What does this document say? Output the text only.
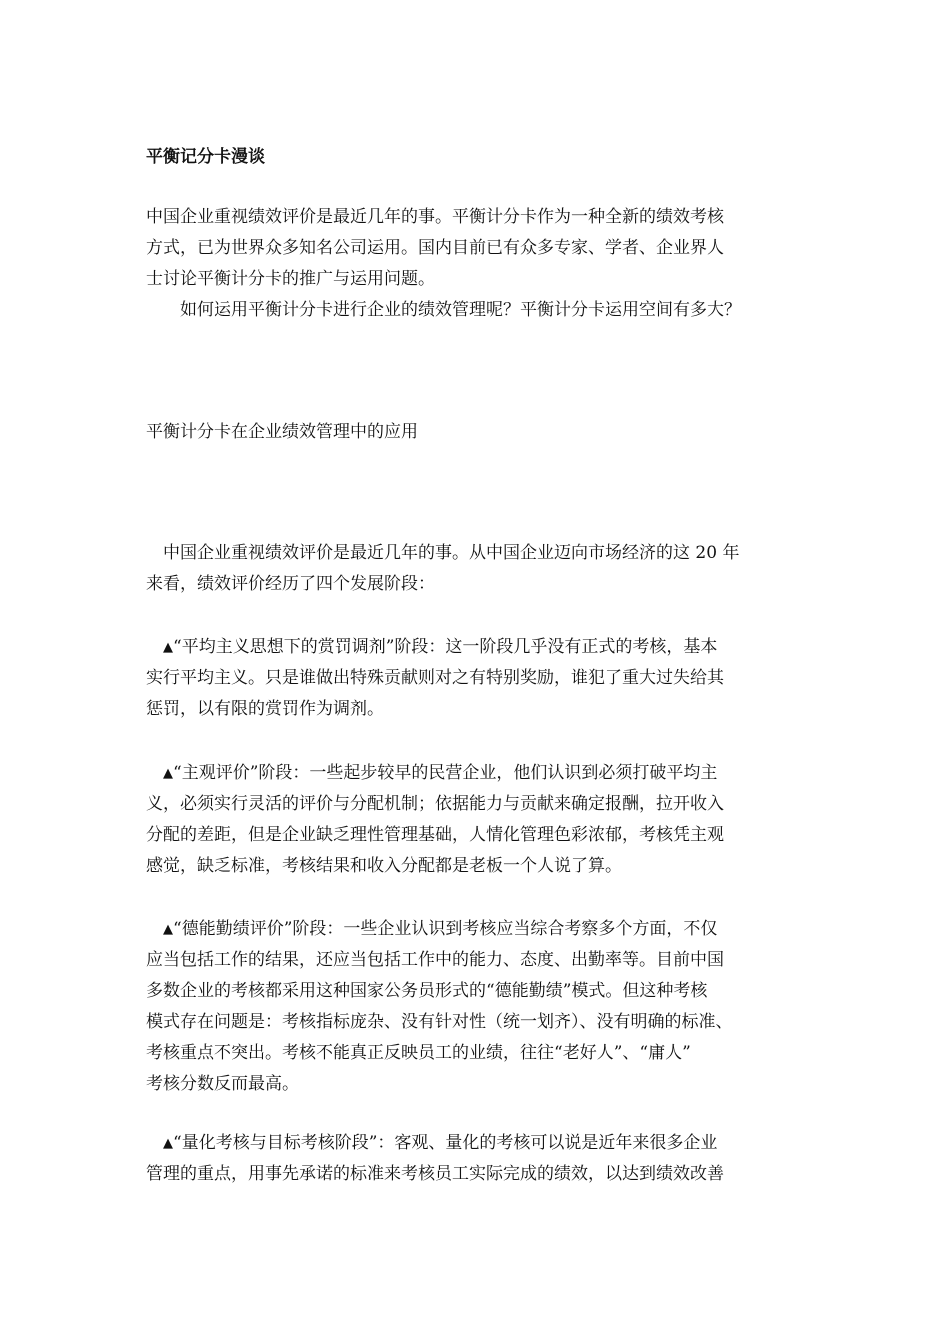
平衡记分卡漫谈
中国企业重视绩效评价是最近几年的事。平衡计分卡作为一种全新的绩效考核
方式，已为世界众多知名公司运用。国内目前已有众多专家、学者、企业界人
士讨论平衡计分卡的推广与运用问题。
　　如何运用平衡计分卡进行企业的绩效管理呢？平衡计分卡运用空间有多大？
平衡计分卡在企业绩效管理中的应用
　中国企业重视绩效评价是最近几年的事。从中国企业迈向市场经济的这 20 年
来看，绩效评价经历了四个发展阶段：
　▲“平均主义思想下的赏罚调剂”阶段：这一阶段几乎没有正式的考核，基本
实行平均主义。只是谁做出特殊贡献则对之有特别奖励，谁犯了重大过失给其
惩罚，以有限的赏罚作为调剂。
　▲“主观评价”阶段：一些起步较早的民营企业，他们认识到必须打破平均主
义，必须实行灵活的评价与分配机制；依据能力与贡献来确定报酬，拉开收入
分配的差距，但是企业缺乏理性管理基础，人情化管理色彩浓郁，考核凭主观
感觉，缺乏标准，考核结果和收入分配都是老板一个人说了算。
　▲“德能勤绩评价”阶段：一些企业认识到考核应当综合考察多个方面，不仅
应当包括工作的结果，还应当包括工作中的能力、态度、出勤率等。目前中国
多数企业的考核都采用这种国家公务员形式的“德能勤绩”模式。但这种考核
模式存在问题是：考核指标庞杂、没有针对性（统一划齐）、没有明确的标准、
考核重点不突出。考核不能真正反映员工的业绩，往往“老好人”、“庸人”
考核分数反而最高。
　▲“量化考核与目标考核阶段”：客观、量化的考核可以说是近年来很多企业
管理的重点，用事先承诺的标准来考核员工实际完成的绩效，以达到绩效改善
